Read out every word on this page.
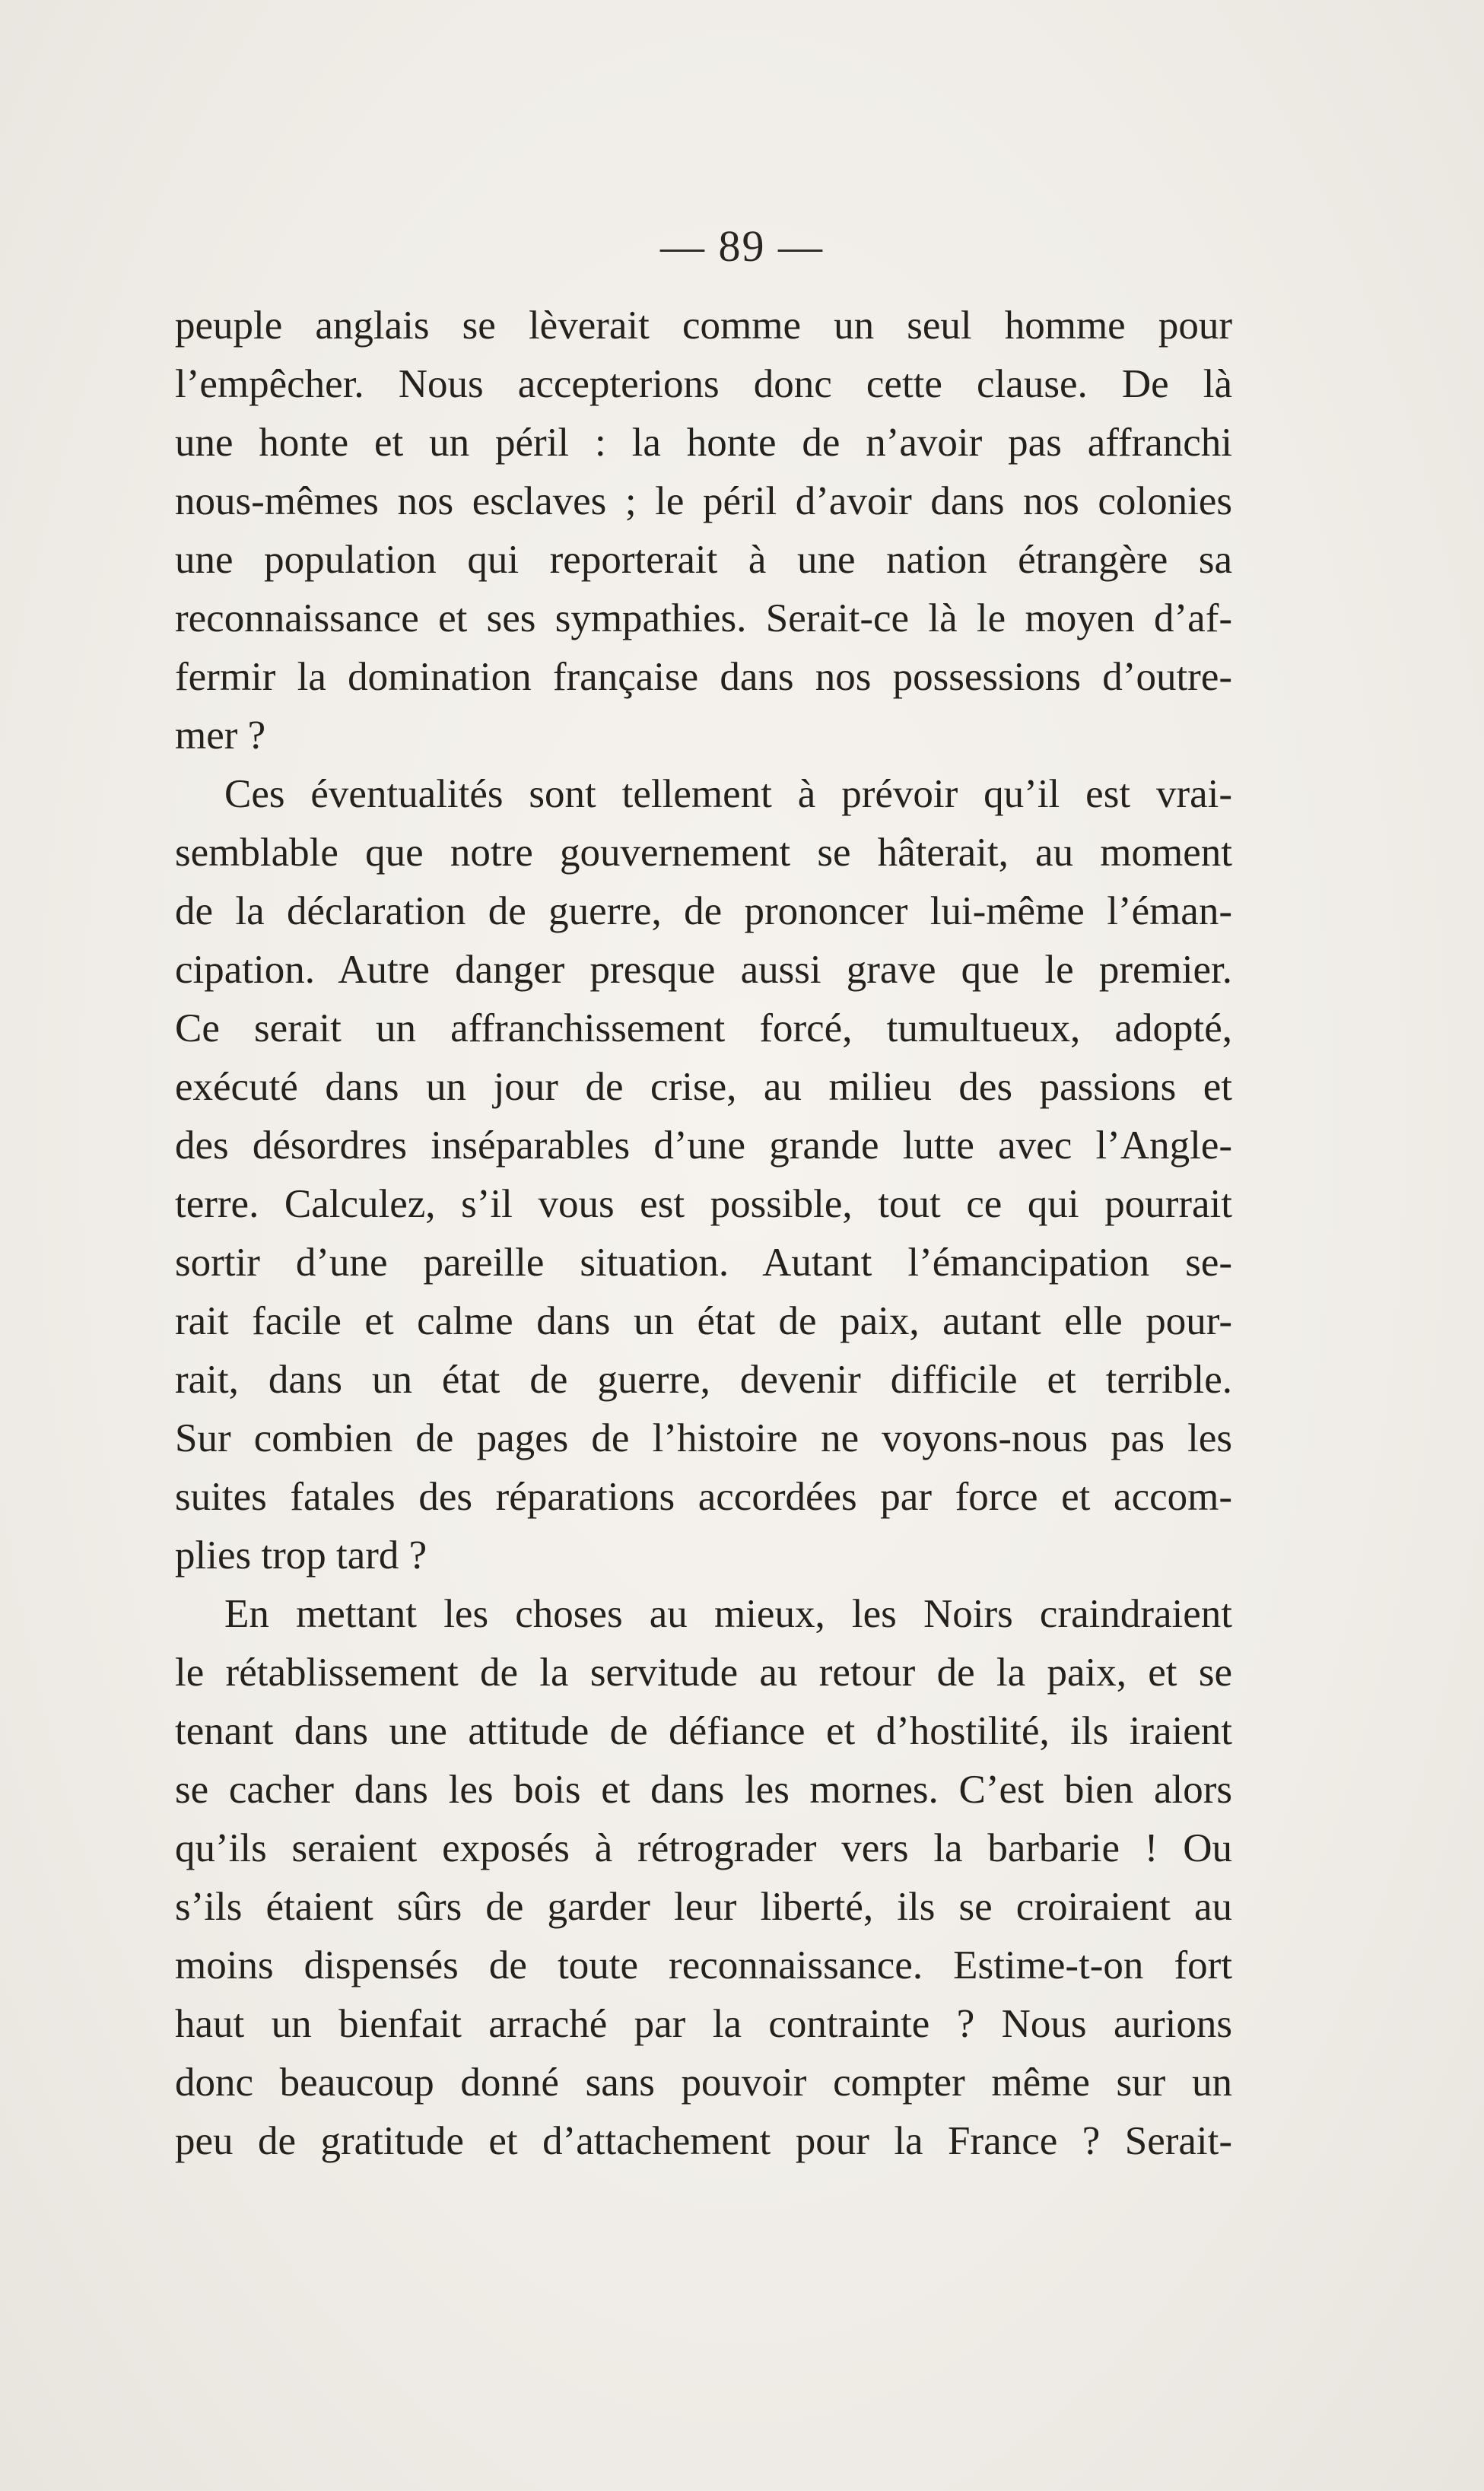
— 89 —
peuple anglais se lèverait comme un seul homme pour
l’empêcher. Nous accepterions donc cette clause. De là
une honte et un péril : la honte de n’avoir pas affranchi
nous-mêmes nos esclaves ; le péril d’avoir dans nos colonies
une population qui reporterait à une nation étrangère sa
reconnaissance et ses sympathies. Serait-ce là le moyen d’af-
fermir la domination française dans nos possessions d’outre-
mer ?
Ces éventualités sont tellement à prévoir qu’il est vrai-
semblable que notre gouvernement se hâterait, au moment
de la déclaration de guerre, de prononcer lui-même l’éman-
cipation. Autre danger presque aussi grave que le premier.
Ce serait un affranchissement forcé, tumultueux, adopté,
exécuté dans un jour de crise, au milieu des passions et
des désordres inséparables d’une grande lutte avec l’Angle-
terre. Calculez, s’il vous est possible, tout ce qui pourrait
sortir d’une pareille situation. Autant l’émancipation se-
rait facile et calme dans un état de paix, autant elle pour-
rait, dans un état de guerre, devenir difficile et terrible.
Sur combien de pages de l’histoire ne voyons-nous pas les
suites fatales des réparations accordées par force et accom-
plies trop tard ?
En mettant les choses au mieux, les Noirs craindraient
le rétablissement de la servitude au retour de la paix, et se
tenant dans une attitude de défiance et d’hostilité, ils iraient
se cacher dans les bois et dans les mornes. C’est bien alors
qu’ils seraient exposés à rétrograder vers la barbarie ! Ou
s’ils étaient sûrs de garder leur liberté, ils se croiraient au
moins dispensés de toute reconnaissance. Estime-t-on fort
haut un bienfait arraché par la contrainte ? Nous aurions
donc beaucoup donné sans pouvoir compter même sur un
peu de gratitude et d’attachement pour la France ? Serait-
